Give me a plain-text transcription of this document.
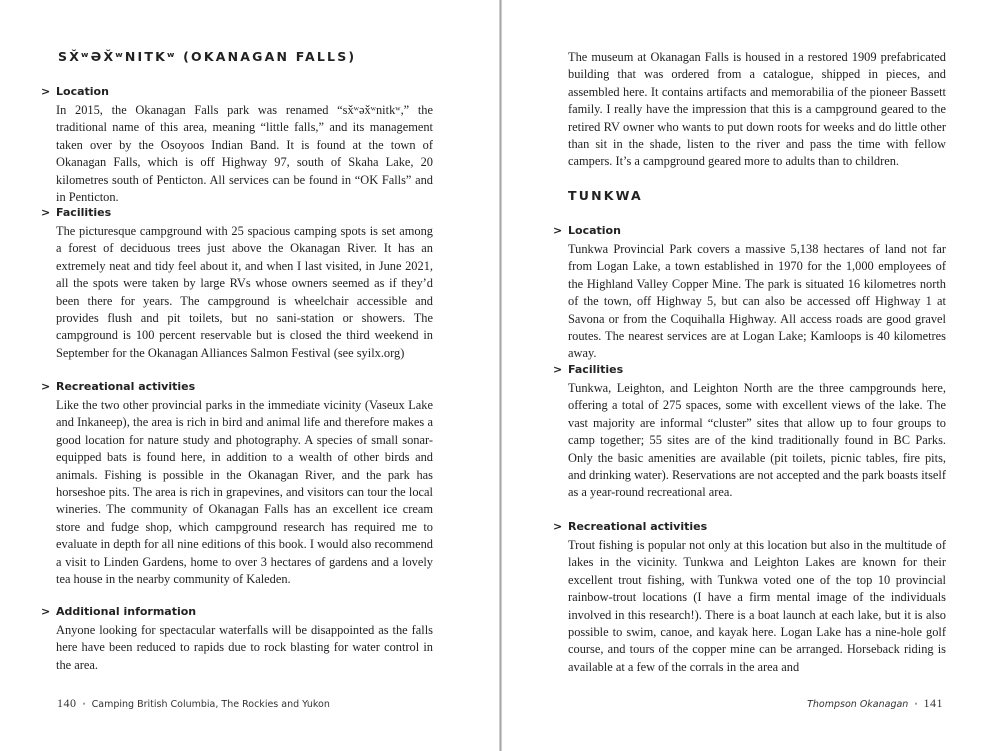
SX̌ʷƏX̌ʷNITKʷ (OKANAGAN FALLS)
> Location
In 2015, the Okanagan Falls park was renamed “sx̌ʷəx̌ʷnitkʷ,” the traditional name of this area, meaning “little falls,” and its management taken over by the Osoyoos Indian Band. It is found at the town of Okanagan Falls, which is off Highway 97, south of Skaha Lake, 20 kilometres south of Penticton. All services can be found in “OK Falls” and in Penticton.
> Facilities
The picturesque campground with 25 spacious camping spots is set among a forest of deciduous trees just above the Okanagan River. It has an extremely neat and tidy feel about it, and when I last visited, in June 2021, all the spots were taken by large RVs whose owners seemed as if they’d been there for years. The campground is wheelchair accessible and provides flush and pit toilets, but no sani-station or showers. The campground is 100 percent reservable but is closed the third weekend in September for the Okanagan Alliances Salmon Festival (see syilx.org)
> Recreational activities
Like the two other provincial parks in the immediate vicinity (Vaseux Lake and Inkaneep), the area is rich in bird and animal life and therefore makes a good location for nature study and photography. A species of small sonar-equipped bats is found here, in addition to a wealth of other birds and animals. Fishing is possible in the Okanagan River, and the park has horseshoe pits. The area is rich in grapevines, and visitors can tour the local wineries. The community of Okanagan Falls has an excellent ice cream store and fudge shop, which campground research has required me to evaluate in depth for all nine editions of this book. I would also recommend a visit to Linden Gardens, home to over 3 hectares of gardens and a lovely tea house in the nearby community of Kaleden.
> Additional information
Anyone looking for spectacular waterfalls will be disappointed as the falls here have been reduced to rapids due to rock blasting for water control in the area.
140 • Camping British Columbia, The Rockies and Yukon
The museum at Okanagan Falls is housed in a restored 1909 prefabricated building that was ordered from a catalogue, shipped in pieces, and assembled here. It contains artifacts and memorabilia of the pioneer Bassett family. I really have the impression that this is a campground geared to the retired RV owner who wants to put down roots for weeks and do little other than sit in the shade, listen to the river and pass the time with fellow campers. It’s a campground geared more to adults than to children.
TUNKWA
> Location
Tunkwa Provincial Park covers a massive 5,138 hectares of land not far from Logan Lake, a town established in 1970 for the 1,000 employees of the Highland Valley Copper Mine. The park is situated 16 kilometres north of the town, off Highway 5, but can also be accessed off Highway 1 at Savona or from the Coquihalla Highway. All access roads are good gravel routes. The nearest services are at Logan Lake; Kamloops is 40 kilometres away.
> Facilities
Tunkwa, Leighton, and Leighton North are the three campgrounds here, offering a total of 275 spaces, some with excellent views of the lake. The vast majority are informal “cluster” sites that allow up to four groups to camp together; 55 sites are of the kind traditionally found in BC Parks. Only the basic amenities are available (pit toilets, picnic tables, fire pits, and drinking water). Reservations are not accepted and the park boasts itself as a year-round recreational area.
> Recreational activities
Trout fishing is popular not only at this location but also in the multitude of lakes in the vicinity. Tunkwa and Leighton Lakes are known for their excellent trout fishing, with Tunkwa voted one of the top 10 provincial rainbow-trout locations (I have a firm mental image of the individuals involved in this research!). There is a boat launch at each lake, but it is also possible to swim, canoe, and kayak here. Logan Lake has a nine-hole golf course, and tours of the copper mine can be arranged. Horseback riding is available at a few of the corrals in the area and
Thompson Okanagan • 141
